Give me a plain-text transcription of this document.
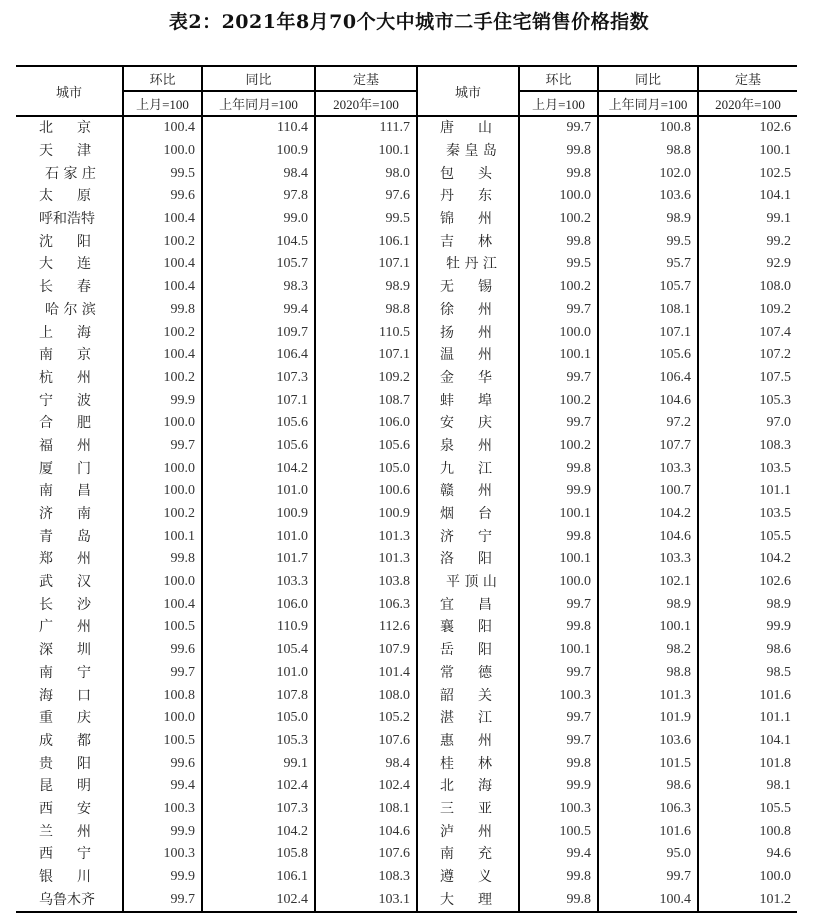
表2：2021年8月70个大中城市二手住宅销售价格指数
城市	环比	同比	定基	城市	环比	同比	定基
	上月=100	上年同月=100	2020年=100		上月=100	上年同月=100	2020年=100
北 京	100.4	110.4	111.7	唐 山	99.7	100.8	102.6
天 津	100.0	100.9	100.1	秦 皇 岛	99.8	98.8	100.1
石 家 庄	99.5	98.4	98.0	包 头	99.8	102.0	102.5
太 原	99.6	97.8	97.6	丹 东	100.0	103.6	104.1
呼和浩特	100.4	99.0	99.5	锦 州	100.2	98.9	99.1
沈 阳	100.2	104.5	106.1	吉 林	99.8	99.5	99.2
大 连	100.4	105.7	107.1	牡 丹 江	99.5	95.7	92.9
长 春	100.4	98.3	98.9	无 锡	100.2	105.7	108.0
哈 尔 滨	99.8	99.4	98.8	徐 州	99.7	108.1	109.2
上 海	100.2	109.7	110.5	扬 州	100.0	107.1	107.4
南 京	100.4	106.4	107.1	温 州	100.1	105.6	107.2
杭 州	100.2	107.3	109.2	金 华	99.7	106.4	107.5
宁 波	99.9	107.1	108.7	蚌 埠	100.2	104.6	105.3
合 肥	100.0	105.6	106.0	安 庆	99.7	97.2	97.0
福 州	99.7	105.6	105.6	泉 州	100.2	107.7	108.3
厦 门	100.0	104.2	105.0	九 江	99.8	103.3	103.5
南 昌	100.0	101.0	100.6	赣 州	99.9	100.7	101.1
济 南	100.2	100.9	100.9	烟 台	100.1	104.2	103.5
青 岛	100.1	101.0	101.3	济 宁	99.8	104.6	105.5
郑 州	99.8	101.7	101.3	洛 阳	100.1	103.3	104.2
武 汉	100.0	103.3	103.8	平 顶 山	100.0	102.1	102.6
长 沙	100.4	106.0	106.3	宜 昌	99.7	98.9	98.9
广 州	100.5	110.9	112.6	襄 阳	99.8	100.1	99.9
深 圳	99.6	105.4	107.9	岳 阳	100.1	98.2	98.6
南 宁	99.7	101.0	101.4	常 德	99.7	98.8	98.5
海 口	100.8	107.8	108.0	韶 关	100.3	101.3	101.6
重 庆	100.0	105.0	105.2	湛 江	99.7	101.9	101.1
成 都	100.5	105.3	107.6	惠 州	99.7	103.6	104.1
贵 阳	99.6	99.1	98.4	桂 林	99.8	101.5	101.8
昆 明	99.4	102.4	102.4	北 海	99.9	98.6	98.1
西 安	100.3	107.3	108.1	三 亚	100.3	106.3	105.5
兰 州	99.9	104.2	104.6	泸 州	100.5	101.6	100.8
西 宁	100.3	105.8	107.6	南 充	99.4	95.0	94.6
银 川	99.9	106.1	108.3	遵 义	99.8	99.7	100.0
乌鲁木齐	99.7	102.4	103.1	大 理	99.8	100.4	101.2
